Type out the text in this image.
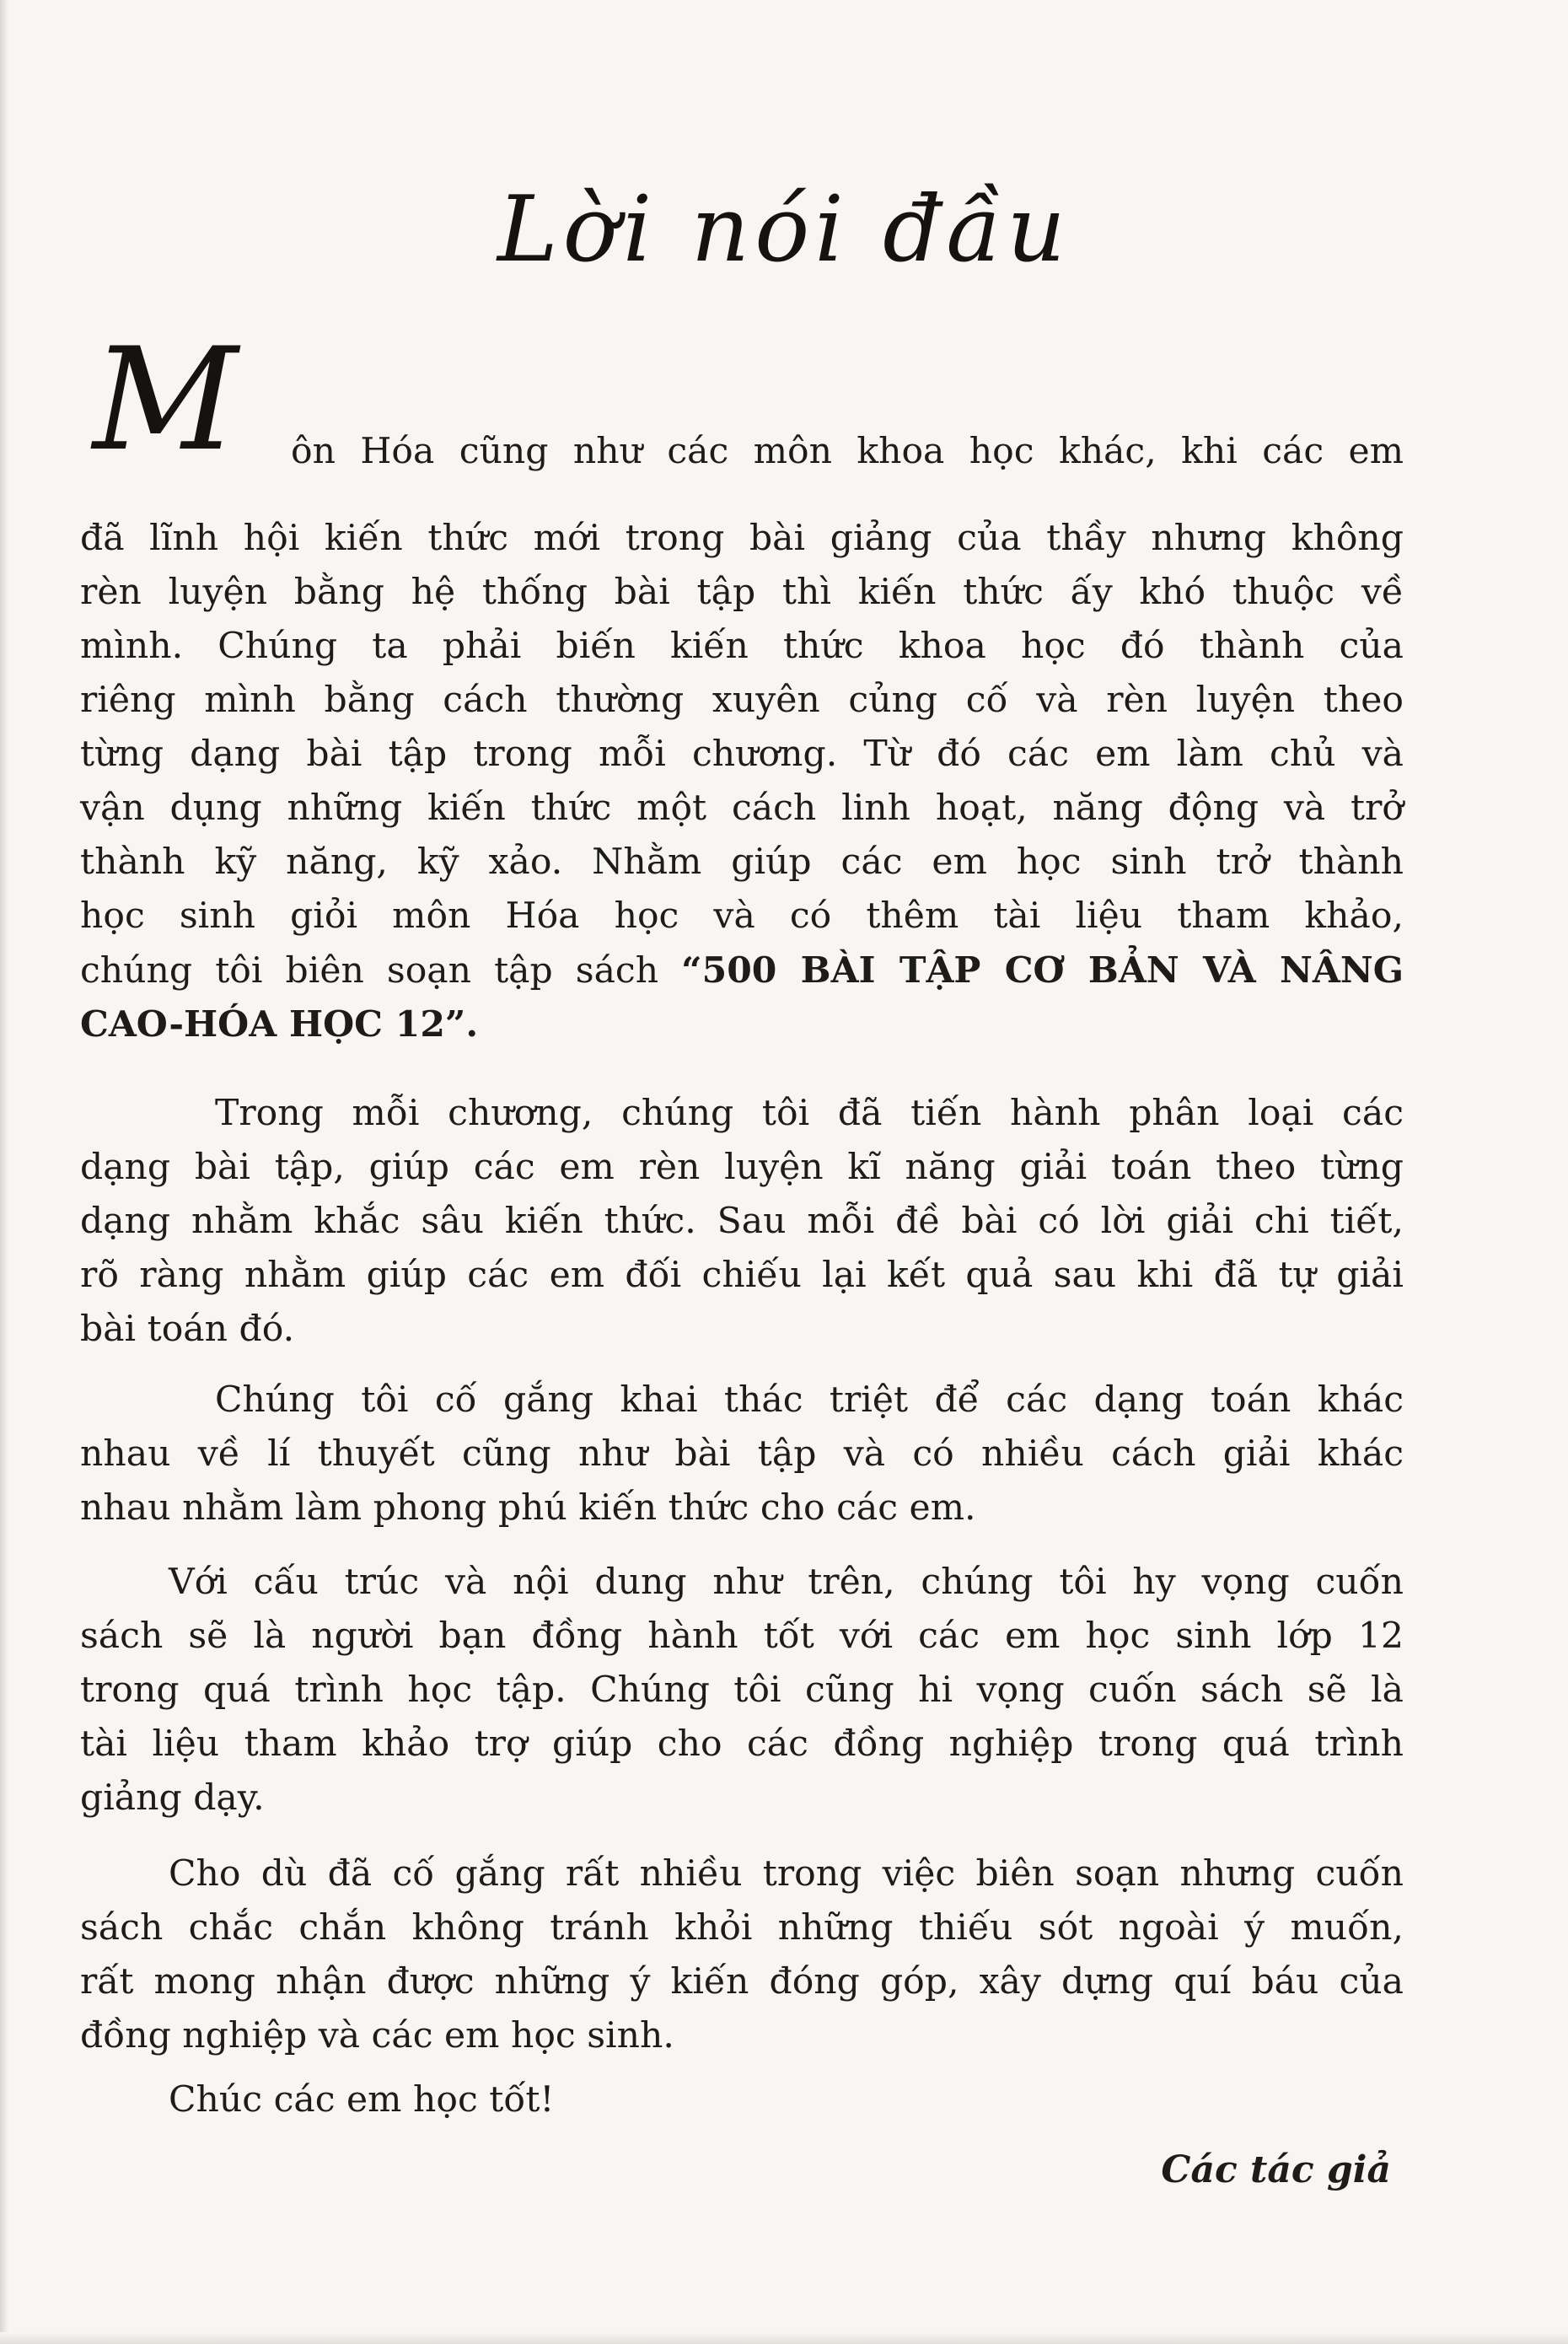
Lời nói đầu
M ôn Hóa cũng như các môn khoa học khác, khi các em
đã lĩnh hội kiến thức mới trong bài giảng của thầy nhưng không
rèn luyện bằng hệ thống bài tập thì kiến thức ấy khó thuộc về
mình. Chúng ta phải biến kiến thức khoa học đó thành của
riêng mình bằng cách thường xuyên củng cố và rèn luyện theo
từng dạng bài tập trong mỗi chương. Từ đó các em làm chủ và
vận dụng những kiến thức một cách linh hoạt, năng động và trở
thành kỹ năng, kỹ xảo. Nhằm giúp các em học sinh trở thành
học sinh giỏi môn Hóa học và có thêm tài liệu tham khảo,
chúng tôi biên soạn tập sách “500 BÀI TẬP CƠ BẢN VÀ NÂNG
CAO-HÓA HỌC 12”.
Trong mỗi chương, chúng tôi đã tiến hành phân loại các
dạng bài tập, giúp các em rèn luyện kĩ năng giải toán theo từng
dạng nhằm khắc sâu kiến thức. Sau mỗi đề bài có lời giải chi tiết,
rõ ràng nhằm giúp các em đối chiếu lại kết quả sau khi đã tự giải
bài toán đó.
Chúng tôi cố gắng khai thác triệt để các dạng toán khác
nhau về lí thuyết cũng như bài tập và có nhiều cách giải khác
nhau nhằm làm phong phú kiến thức cho các em.
Với cấu trúc và nội dung như trên, chúng tôi hy vọng cuốn
sách sẽ là người bạn đồng hành tốt với các em học sinh lớp 12
trong quá trình học tập. Chúng tôi cũng hi vọng cuốn sách sẽ là
tài liệu tham khảo trợ giúp cho các đồng nghiệp trong quá trình
giảng dạy.
Cho dù đã cố gắng rất nhiều trong việc biên soạn nhưng cuốn
sách chắc chắn không tránh khỏi những thiếu sót ngoài ý muốn,
rất mong nhận được những ý kiến đóng góp, xây dựng quí báu của
đồng nghiệp và các em học sinh.
Chúc các em học tốt!
Các tác giả
